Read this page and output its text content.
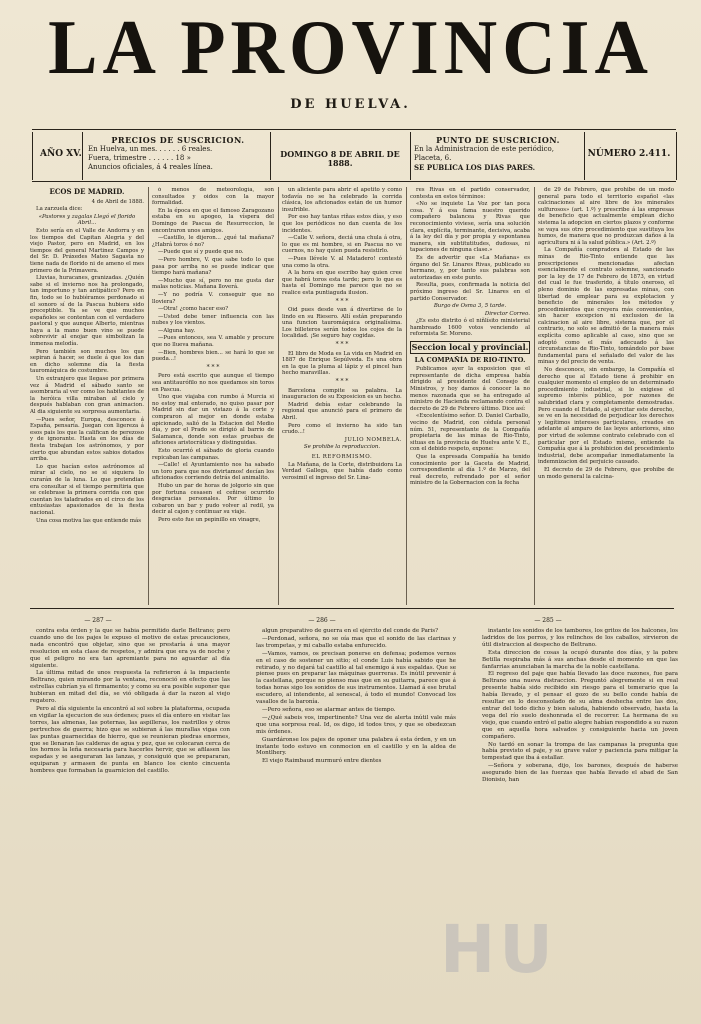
LA PROVINCIA
DE HUELVA.
AÑO XV.
PRECIOS DE SUSCRICION.
En Huelva, un mes. . . . . . 6 reales.
Fuera, trimestre . . . . . . 18 »
Anuncios oficiales, á 4 reales línea.
DOMINGO 8 DE ABRIL DE 1888.
PUNTO DE SUSCRICION.
En la Administracion de este periódico,
Placeta, 6.
SE PUBLICA LOS DIAS PARES.
NÚMERO 2.411.
ECOS DE MADRID.

4 de Abril de 1888.

La zarzuela dice:

«Pastores y zagalas Llegó el florido Abril...

Esto sería en el Valle de Andorra y en los tiempos del Capitan Alegria y del viejo Pastor, pero en Madrid, en los tiempos del general Martinez Campos y del Sr. D. Práxedes Mateo Sagasta no tiene nada de florido ni de ameno el mes primero de la Primavera.

Lluvias, huracanes, granizadas. ¿Quién sabe si el invierno nos ha prolongado, tan importuno y tan antipático? Pero en fin, todo se lo hubiéramos perdonado si el sonoro sí de la Pascua hubiera sido preceptible. Ya se ve que muchos españoles se contentan con el verdadero pastoral y que aunque Alberto, mientras haya a la mano buen vino se puede sobrevivir al enojar que simbolizan la inmensa melodía.

Pero también son muchos los que sepiran á hacer, se duele á que los dan en dicho solemne día la fiesta tauromáquica de costumbre.

Un extranjero que llegase por primera vez á Madrid el sábado santo se asombraria al ver como los habitantes de la heróica villa miraban al cielo y después hablaban con gran animacion. Al dia siguiente su sorpresa aumentaria.

—Pues señor, Europa, desconoce á España, pensaría. Juegan con ligereza á esos pais los que la califican de perezoso y de ignorante. Hasta en los días de fiesta trabajan los astrónomos, y por cierto que abundan estos sabios dotados arriba.

Lo que hacían estos astrónomos al mirar al cielo, no se si siquiera lo curarán de la luna. Lo que pretendian era consultar si el tiempo permitiria que se celebrase la primera corrida con que cuentan los taladrados en el circo de los entusiastas apasionados de la fiesta nacional.

Una cosa motiva las que entiende más

ó menos de meteorología, son consultados y oidos con la mayor formalidad.

En la época en que el famoso Zaragozano estaba en su apogeo, la víspera del Domingo de Pascua de Resurreccion, le encontraron unos amigos.

—Castillo, le dijeron... ¿qué tal mañana? ¿Habrá toros ó no?

—Puede que sí y puede que no.

—Pero hombre, V. que sabe todo lo que pasa por arriba no se puede indicar que tiempo hará mañana?

—Mucho que sí, pero no me gusta dar malas noticias. Mañana lloverá.

—Y no podría V. conseguir que no lloviera?

—Otra! ¿como hacer eso?

—Usted debe tener influencia con las nubes y los vientos.

—Alguna hay.

—Pues entonces, sea V. amable y procure que no llueva mañana.

—Bien, hombres bien... se hará lo que se pueda...!

* * *

Pero está escrito que aunque el tiempo sea antitaurófilo no nos quedamos sin toros en Pascua.

Uno que viajaba con rumbo á Murcia si no estoy mal enterado, no quiso pasar por Madrid sin dar un vistazo á la corte y compraron al mejor en donde estaba apicionado, salió de la Estacion del Medio día, y por el Prado se dirigió al barrio de Salamanca, donde son estas pruebas de aficiones aristocráticas y distinguidas.

Esto ocurrió el sábado de gloria cuando repicaban las campanas.

—Calle! el Ayuntamiento nos ha sabado un toro para que nos divirtamos! decían los aficionados corriendo detrás del animalito.

Hubo un par de horas de jolgorio sin que por fortuna cesasen el ceñirse ocurrido desgracias personales. Por último lo cobaron un bar y pudo volver al redil, ya decir al cajon y continuar su viaje.

Pero esto fue un pepinillo en vinagre,

un aliciente para abrir el apetito y como todavía no se ha celebrado la corrida clásica, los aficionados están de un humor insufrible.

Por eso hay tantas riñas estos días, y eso que los periódicos no dan cuenta de los incidentes.

—Calle V. señora, deciá una chula á otra, lo que es mi hombre, si en Pascua no ve cuernos, no hay quien pueda resistirlo.

—Pues llévele V. al Matadero! contestó una como la otra.

A la hora en que escribo hay quien cree que habrá toros esta tarde; pero lo que es hasta el Domingo me parece que no se realice esta puntiaguda ilusion.

* * *

Oid pues desde van á divertirse de lo lindo en su Riesero. Allí están preparando una funcion tauromáquica originalísima. Los billeteros serán todos los cojos de la localidad. ¡Se seguro hay cogidas.

* * *

El libro de Moda es La vida en Madrid en 1887 de Enrique Sepúlveda. Es una obra en la que la pluma al lápiz y el pincel han hecho maravillas.

* * *

Barcelona compite sa palabra. La inauguracion de su Exposicion es un hecho.

Madrid debía estar celebrando la regional que anunció para el primero de Abril.

Pero como el invierno ha sido tan crudo...!

JULIO NOMBELA.

Se prohibe la reproduccion.

EL REFORMISMO.

La Mañana, de la Corte, distribuidora La Verdad Gallega, que había dado como verosimil el ingreso del Sr. Lina-

res Rivas en el partido conservador, contesta en estos términos:

«No se inquiete La Voz por tan poca cosa. Y á esa fama nuestro querido compañero balancea y Rivas que reconocimiento viviese, sería una solución clara, explícita, terminante, decisiva, acaba á la ley del día y por propia y espontanea manera, sin subtitutitudes, dudosas, ni tapaciones de ninguna clase.»

Es de advertir que «La Mañana» es órgano del Sr. Linares Rivas, publicado su hermano, y, por tanto sus palabras son autorizadas en este punto.

Resulta, pues, confirmada la noticia del próximo ingreso del Sr. Linares en el partido Conservador.

Burgo de Osma 3, 5 tarde.

Director Correo.

¿Es esto distrito ó el niñlísito ministerial hambreado 1600 votos venciendo al reformista Sr. Moreno.

Seccion local y provincial.
LA COMPAÑÍA DE RIO-TINTO.

Publicamos ayer la exposicion que el representante de dicha empresa había dirigido al presidente del Consejo de Ministros, y hoy damos á conocer la no menos razonada que se ha entregado al ministro de Hacienda reclamando contra el decreto de 29 de Febrero último. Dice así:

«Excelentísimo señor. D. Daniel Carballo, vecino de Madrid, con cédula personal núm. 51, representante de la Compañía propietaria de las minas de Rio-Tinto, situas en la provincia de Huelva ante V. E., con el debido respeto, expone:

Que la expresada Compañía ha tenido conocimiento por la Gaceta de Madrid, correspondiente al día 1.º de Marzo, del real decreto, refrendado por el señor ministro de la Gobernacion con la fecha

de 29 de Febrero, que prohibe de un modo general para todo el territorio español «las calcinaciones al aire libre de los minerales sulfurosos» (art. 1.º) y prescribe á las empresas de beneficio que actualmente emplean dicho sistema la adopcion en ciertos plazos y conforme se vaya sus otro procedimiento que sustituya los humos, de manera que no produzcan daños á la agricultura ni á la salud pública.» (Art. 2.º)

La Compañía compradora al Estado de las minas de Rio-Tinto entiende que las prescripciones mencionadas afectan esencialmente el contrato solemne, sancionado por la ley de 17 de Febrero de 1873, en virtud del cual le fue trasferido, á título oneroso, el pleno dominio de las expresadas minas, con libertad de emplear para su explotacion y beneficio de minerales los métodos y procedimientos que creyera más convenientes, sin hacer excepcion ni exclusion de la calcinacion al aire libre, sistema que, por el contrario, no solo se admitió de la manera más explícita como aplicable al caso, sino que se adoptó como el más adecuado á las circunstancias de Rio-Tinto, tomándolo por base fundamental para el señalado del valor de las minas y del precio de venta.

No desconoce, sin embargo, la Compañía el derecho que al Estado tiene á prohibir en cualquier momento el empleo de un determinado procedimiento industrial, si lo exigiese el supremo interés público, por razones de salubridad clara y completamente demostradas. Pero cuando el Estado, al ejercitar este derecho, se ve en la necesidad de perjudicar los derechos y legítimos intereses particulares, creados en adelante al amparo de las leyes anteriores, sino por virtud de solemne contrato celebrado con el particular por el Estado mismo, entiende la Compañía que á la prohibicion del procedimiento industrial, debe acompañar inmediatamente la indemnizacion del perjuicio causado.

El decreto de 29 de Febrero, que prohibe de un modo general la calcina-

— 287 —	— 286 —	— 285 —

contra esta órden y la que se había permitido darle Beltrano; pero cuando uno de los pajes le expuso el motivo de estas precauciones, nada encontró que objetar, sino que se prestaría á una mayor resolucion en esta clase de respetos, y admira que era ya de noche y que el peligro no era tan apremiante para no aguardar al día siguiente.

La última mitad de unos respuesta la refirieron á la impaciente Beltrano, quien mirando por la ventana, reconoció en efecto que las estrellas cubrían ya el firmamento; y como su era posible suponer que hubieran en mitad del día, se vió obligada á dar la razon al viejo regatero.

Pero al día siguiente la encontró al sol sobre la plataforma, ocupada en vigilar la ejecucion de sus órdenes; pues el día entero en visitar las torres, las almenas, las poternas, las aspilleras, los rastrillos y otros pertrechos de guerra; hizo que se subieran á las murallas vigas con las puntas guarnecidas de hierro, que se reunieran piedras enormes, que se llenaran las calderas de agua y pez, que se colocaran cerca de los hornos la leña necesaria para hacerles hervir, que se afilasen las espadas y se aseguraran las lanzas, y consiguió que se prepararan, equiparan y armasen de punta en blanco los ciento cincuenta hombres que formaban la guarnicion del castillo.

algun preparativo de guerra en el ejército del conde de París?

—Perdonad, señora, no se oía mas que el sonido de las clarinas y las trompetas, y mi caballo estaba enfurecido.

—Vamos, vamos, os precisan ponerse en defensa; podemos vernos en el caso de sostener un sitio; el conde Luis había sabido que he retirado, y no dejará tal castillo al tal enemigo á sus espaldas. Que se piense pues en preparar las máquinas guerreras. Es inútil prevenir á la castellana, porque no pienso mas que en su guitarra, parece que á todas horas sigo los sonidos de sus instrumentos. Llamad á ese brutal escudero, al intendente, al senescal, á todo el mundo! Convocad los vasallos de la baronía.

—Pero señora, eso se alarmar antes de tiempo.

—¿Qué sabeis vos, impertinente? Una vez de alerta inútil vale más que una sorpresa real. Id, os digo, id todos tres, y que se obedezcan mis órdenes.

Guardáronse los pajes de oponer una palabra á esta órden, y en un instante todo estuvo en conmocion en el castillo y en la aldea de Montlhery.

El viejo Raimbaud murmuró entre dientes

instante los sonidos de los tambores, los gritos de los halcones, los ladridos de los perros, y los relinchos de los caballos, sirvieron de útil distraccion al despecho de Beltrano.

Esta direccion de cosas la ocupó durante dos días, y la pobre Betilla respiraba más á sus anchas desde el momento en que las fanfarrias anunciaban la marcha de la noble castellana.

El regreso del paje que había llevado las doce razones, fue para Beltrano una nueva distraccion. Preguntó alegremente si en real presente había sido recibido sin riesgo para el temerario que la había llevado, y el pensar el gozo de su bello conde había de resultar en lo desconsolado de su alma deshecha entre las dos, entrar del todo dicho y bien saluda, habiendo observado, hasta la vega del río suelo deshonrada el de recorrer. La hermana de su viejo, que cuando entró el patio alegre habían respondido a su razon que en aquella hora salvados y consiguiente hacia un joven compañero.

No tardó en sonar la trompa de las campanas la pregunta que había previsto el paje, y su grave valor y paciencia para mitigar la tempestad que iba á estallar.

—Señora y soberana, dijo, los barones, después de haberse asegurado bien de las fuerzas que había llevado el abad de San Dionisio, han

HU
